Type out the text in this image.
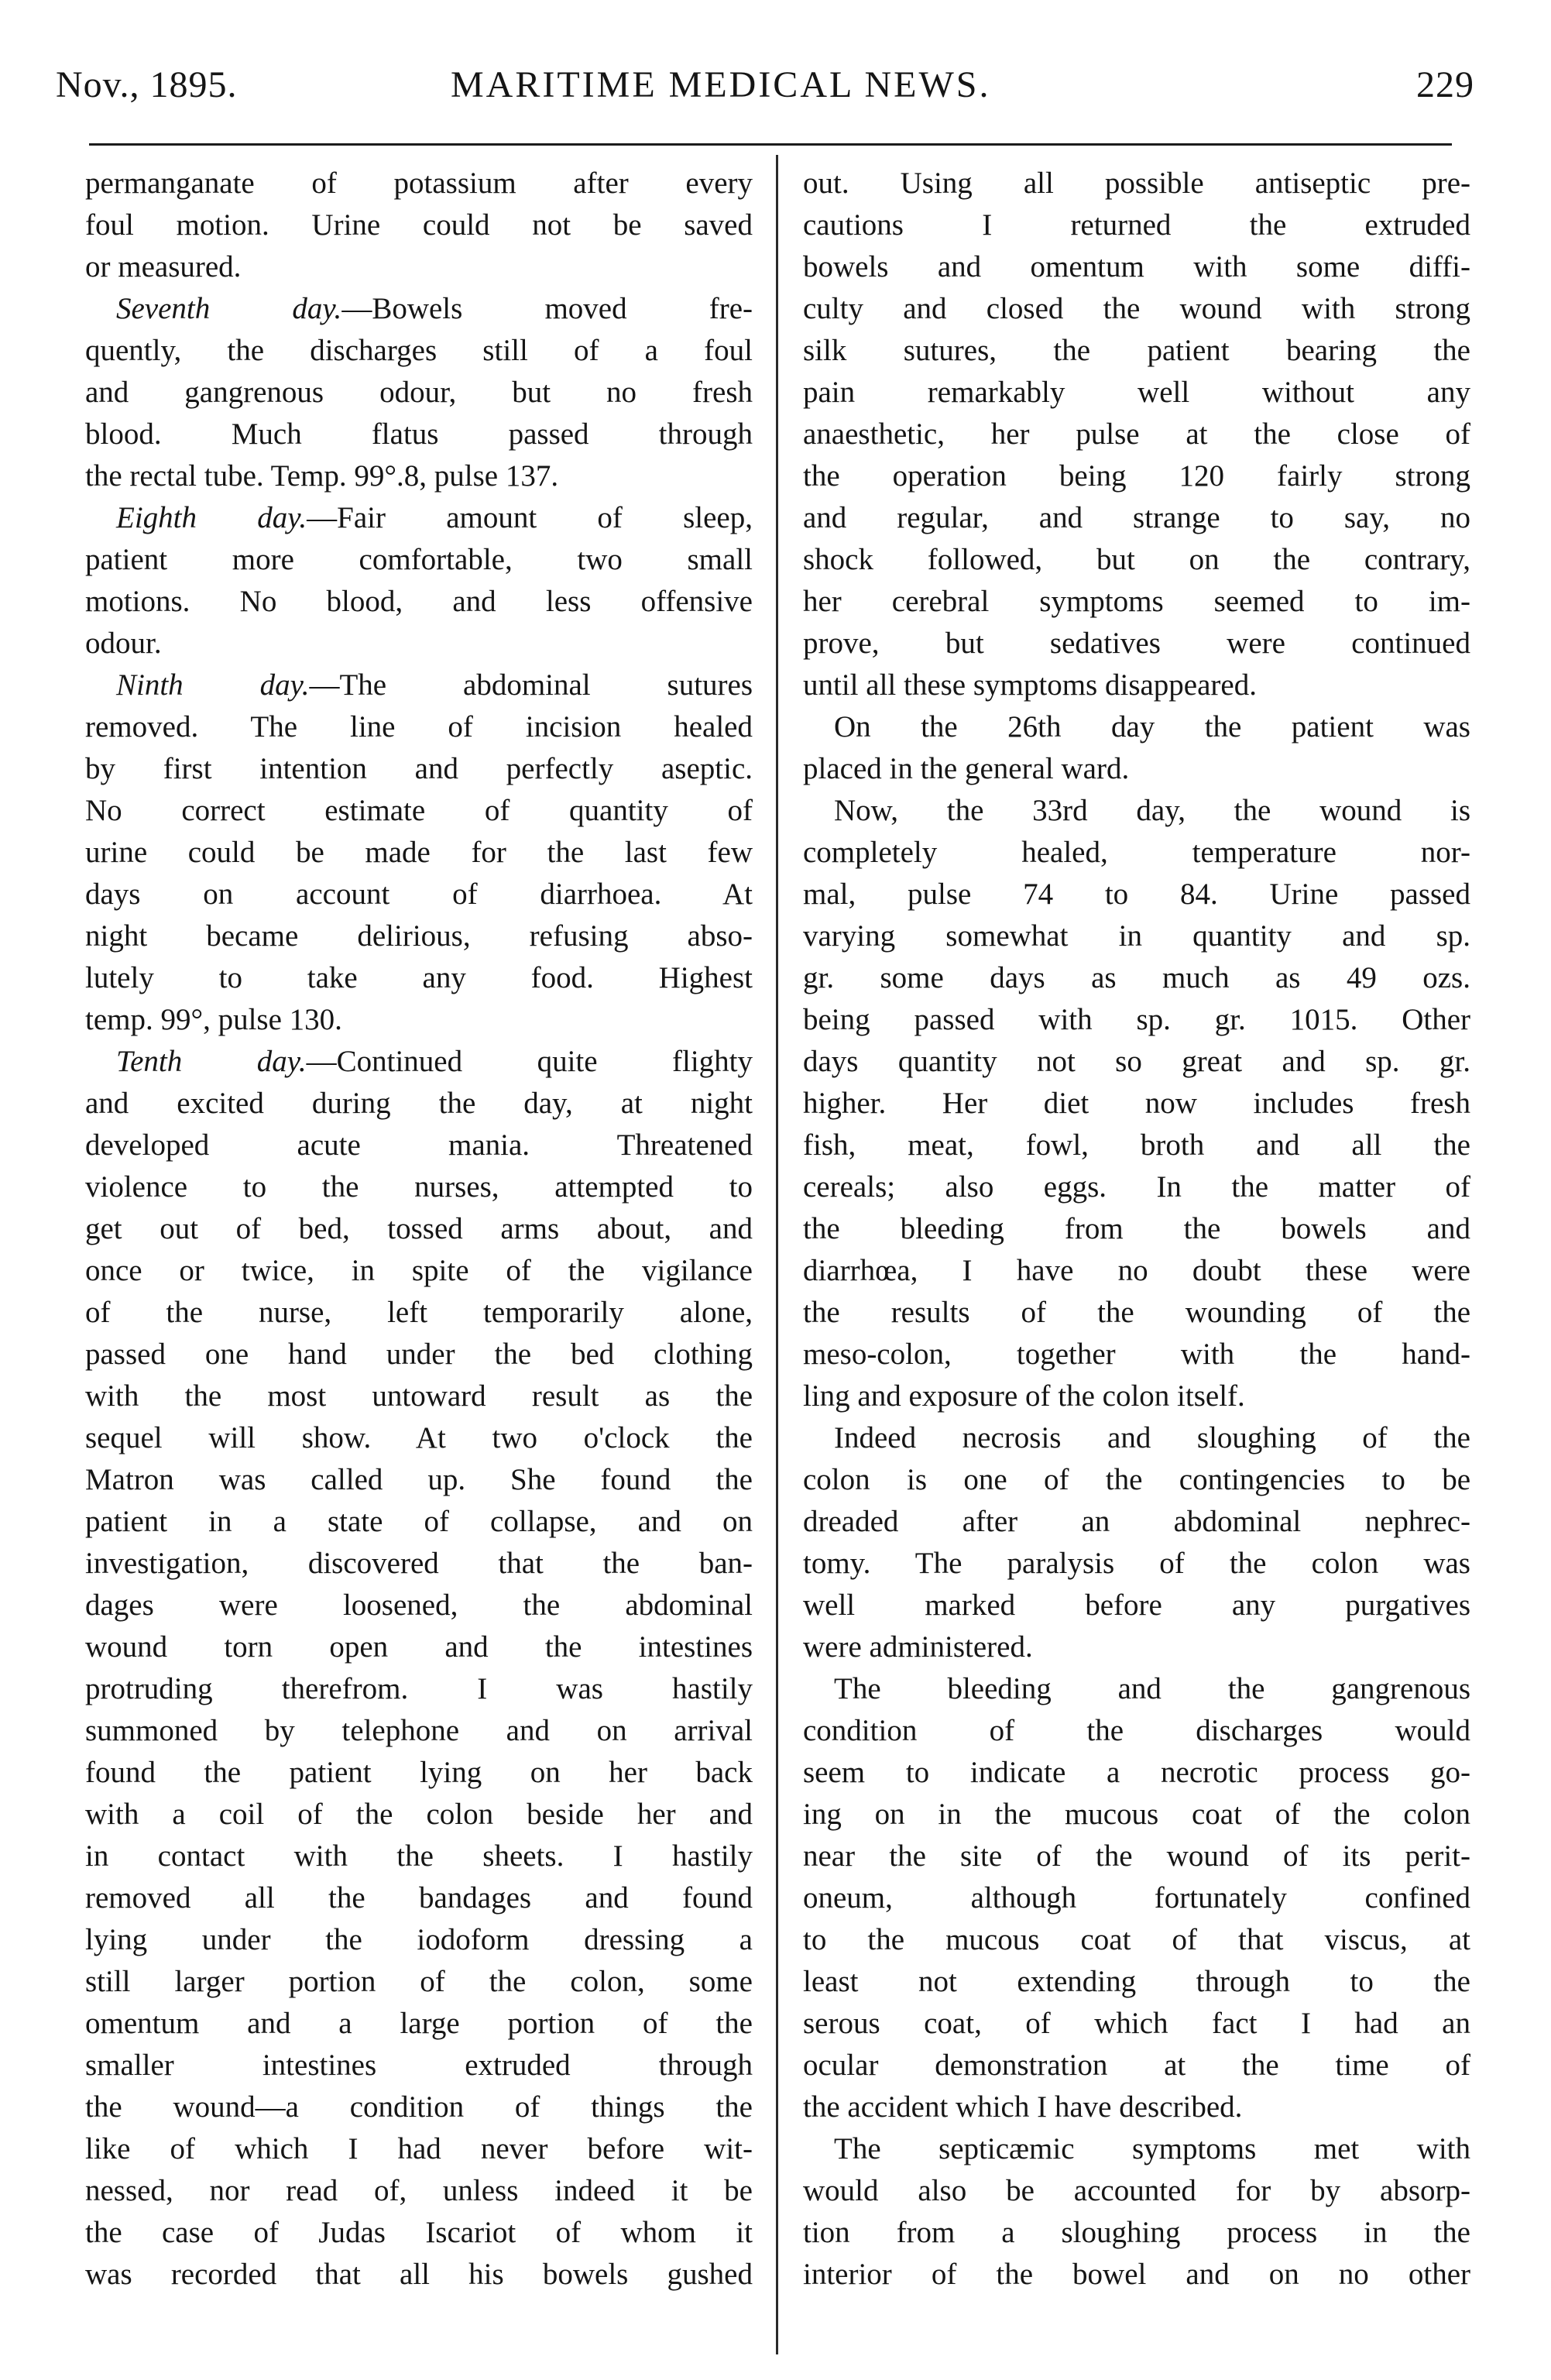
Nov., 1895.	MARITIME MEDICAL NEWS.	229
permanganate of potassium after every
foul motion. Urine could not be saved
or measured.
Seventh day.—Bowels moved fre-
quently, the discharges still of a foul
and gangrenous odour, but no fresh
blood. Much flatus passed through
the rectal tube. Temp. 99°.8, pulse 137.
Eighth day.—Fair amount of sleep,
patient more comfortable, two small
motions. No blood, and less offensive
odour.
Ninth day.—The abdominal sutures
removed. The line of incision healed
by first intention and perfectly aseptic.
No correct estimate of quantity of
urine could be made for the last few
days on account of diarrhoea. At
night became delirious, refusing abso-
lutely to take any food. Highest
temp. 99°, pulse 130.
Tenth day.—Continued quite flighty
and excited during the day, at night
developed acute mania. Threatened
violence to the nurses, attempted to
get out of bed, tossed arms about, and
once or twice, in spite of the vigilance
of the nurse, left temporarily alone,
passed one hand under the bed clothing
with the most untoward result as the
sequel will show. At two o'clock the
Matron was called up. She found the
patient in a state of collapse, and on
investigation, discovered that the ban-
dages were loosened, the abdominal
wound torn open and the intestines
protruding therefrom. I was hastily
summoned by telephone and on arrival
found the patient lying on her back
with a coil of the colon beside her and
in contact with the sheets. I hastily
removed all the bandages and found
lying under the iodoform dressing a
still larger portion of the colon, some
omentum and a large portion of the
smaller intestines extruded through
the wound—a condition of things the
like of which I had never before wit-
nessed, nor read of, unless indeed it be
the case of Judas Iscariot of whom it
was recorded that all his bowels gushed
out. Using all possible antiseptic pre-
cautions I returned the extruded
bowels and omentum with some diffi-
culty and closed the wound with strong
silk sutures, the patient bearing the
pain remarkably well without any
anaesthetic, her pulse at the close of
the operation being 120 fairly strong
and regular, and strange to say, no
shock followed, but on the contrary,
her cerebral symptoms seemed to im-
prove, but sedatives were continued
until all these symptoms disappeared.
On the 26th day the patient was
placed in the general ward.
Now, the 33rd day, the wound is
completely healed, temperature nor-
mal, pulse 74 to 84. Urine passed
varying somewhat in quantity and sp.
gr. some days as much as 49 ozs.
being passed with sp. gr. 1015. Other
days quantity not so great and sp. gr.
higher. Her diet now includes fresh
fish, meat, fowl, broth and all the
cereals; also eggs. In the matter of
the bleeding from the bowels and
diarrhœa, I have no doubt these were
the results of the wounding of the
meso-colon, together with the hand-
ling and exposure of the colon itself.
Indeed necrosis and sloughing of the
colon is one of the contingencies to be
dreaded after an abdominal nephrec-
tomy. The paralysis of the colon was
well marked before any purgatives
were administered.
The bleeding and the gangrenous
condition of the discharges would
seem to indicate a necrotic process go-
ing on in the mucous coat of the colon
near the site of the wound of its perit-
oneum, although fortunately confined
to the mucous coat of that viscus, at
least not extending through to the
serous coat, of which fact I had an
ocular demonstration at the time of
the accident which I have described.
The septicæmic symptoms met with
would also be accounted for by absorp-
tion from a sloughing process in the
interior of the bowel and on no other
